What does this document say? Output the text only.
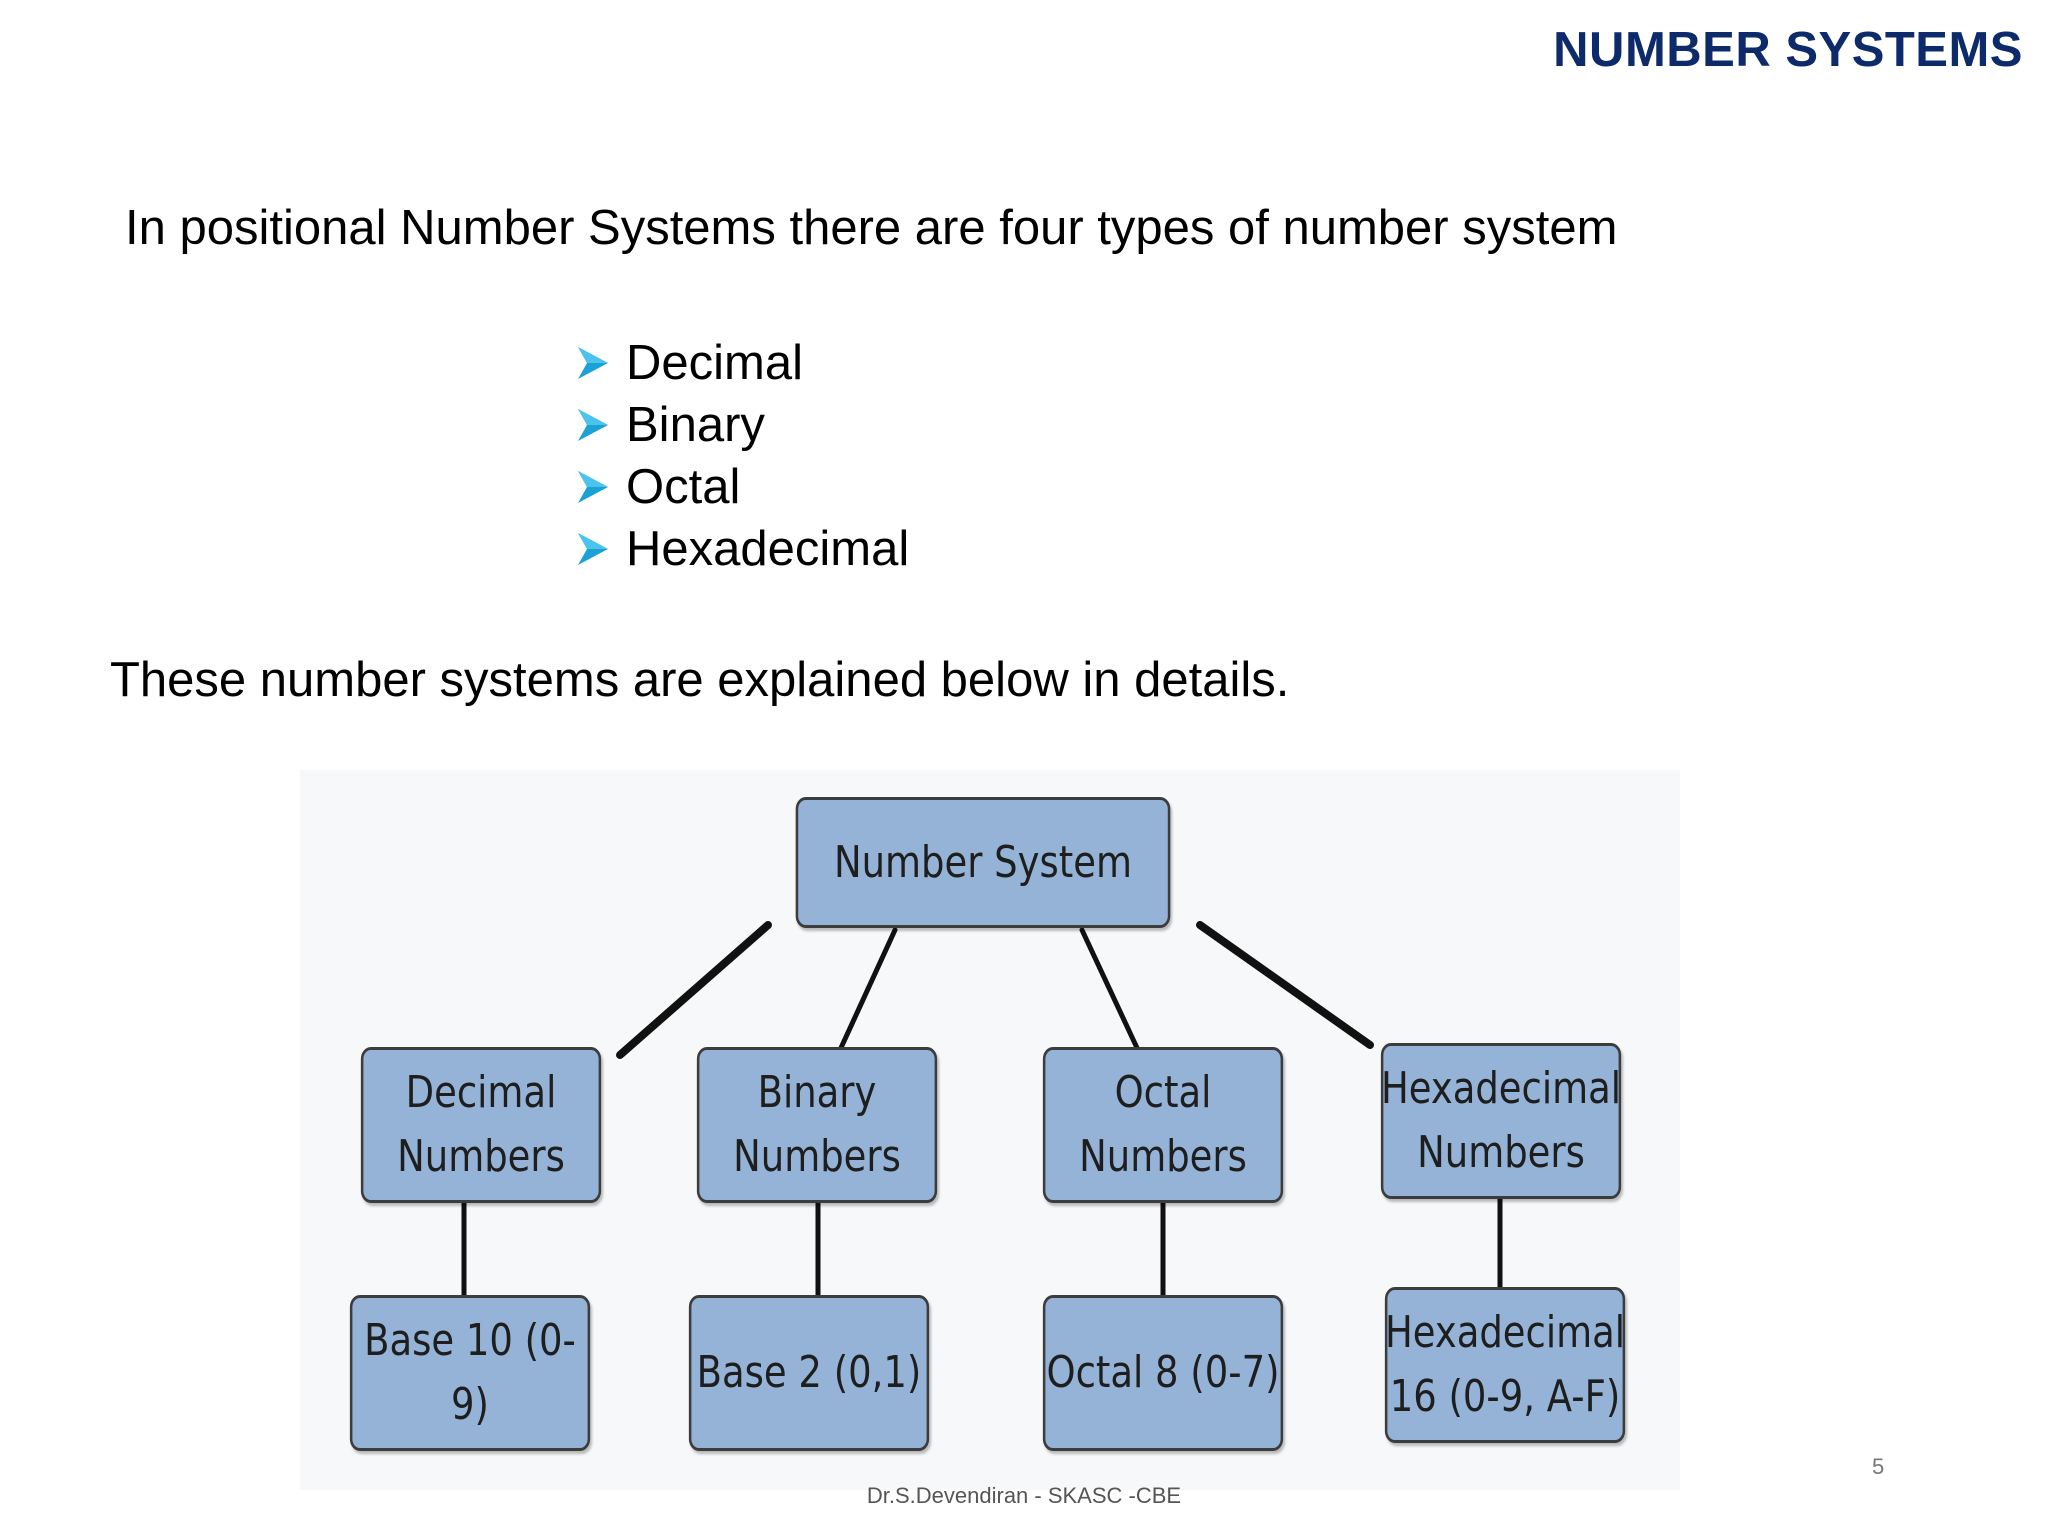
NUMBER SYSTEMS
In positional Number Systems there are four types of number system
Decimal
Binary
Octal
Hexadecimal
These number systems are explained below in details.
Number System
Decimal
Numbers
Binary
Numbers
Octal
Numbers
Hexadecimal
Numbers
Base 10 (0-9)
Base 2 (0,1)	Octal 8 (0-7)
Hexadecimal
16 (0-9, A-F)
5
Dr.S.Devendiran - SKASC -CBE
